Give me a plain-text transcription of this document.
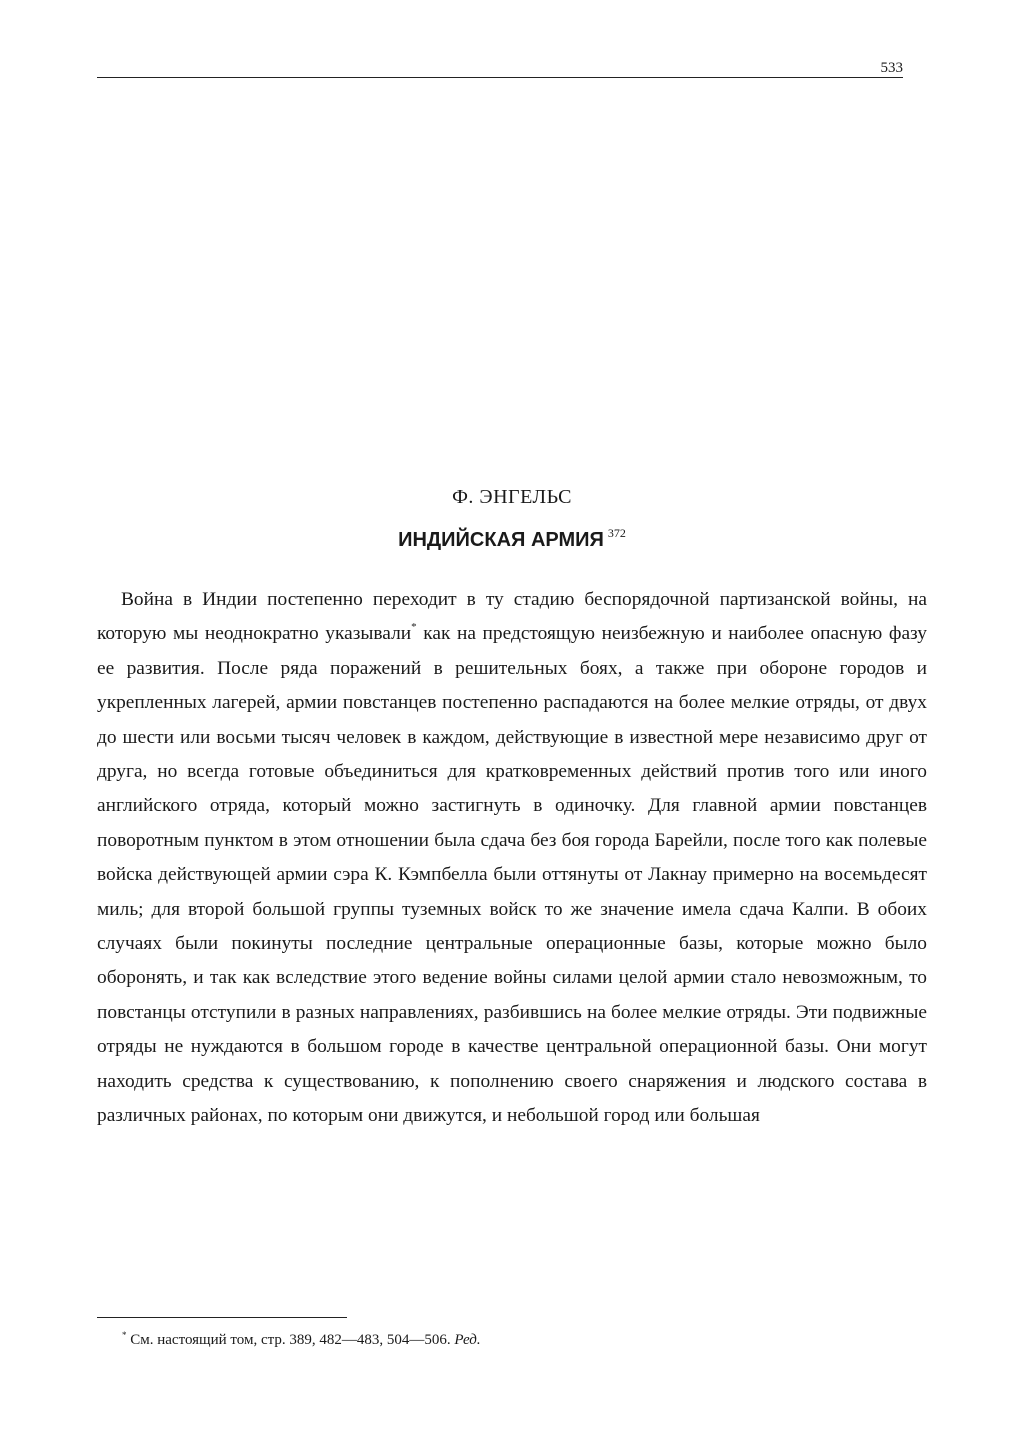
533
Ф. ЭНГЕЛЬС
ИНДИЙСКАЯ АРМИЯ $^{372}$

Война в Индии постепенно переходит в ту стадию беспорядочной партизанской войны, на которую мы неоднократно указывали* как на предстоящую неизбежную и наиболее опасную фазу ее развития. После ряда поражений в решительных боях, а также при обороне городов и укрепленных лагерей, армии повстанцев постепенно распадаются на более мелкие отряды, от двух до шести или восьми тысяч человек в каждом, действующие в известной мере независимо друг от друга, но всегда готовые объединиться для кратковременных действий против того или иного английского отряда, который можно застигнуть в одиночку. Для главной армии повстанцев поворотным пунктом в этом отношении была сдача без боя города Барейли, после того как полевые войска действующей армии сэра К. Кэмпбелла были оттянуты от Лакнау примерно на восемьдесят миль; для второй большой группы туземных войск то же значение имела сдача Калпи. В обоих случаях были покинуты последние центральные операционные базы, которые можно было оборонять, и так как вследствие этого ведение войны силами целой армии стало невозможным, то повстанцы отступили в разных направлениях, разбившись на более мелкие отряды. Эти подвижные отряды не нуждаются в большом городе в качестве центральной операционной базы. Они могут находить средства к существованию, к пополнению своего снаряжения и людского состава в различных районах, по которым они движутся, и небольшой город или большая

* См. настоящий том, стр. 389, 482—483, 504—506. Ред.
